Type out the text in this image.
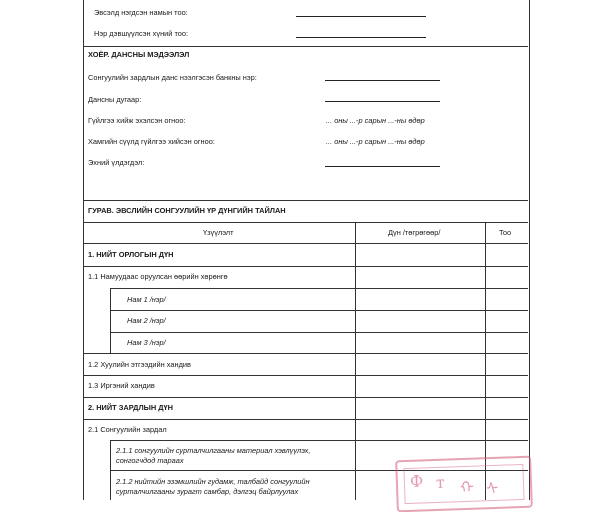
Эвсэлд нэгдсэн намын тоо:
Нэр дэвшүүлсэн хүний тоо:
ХОЁР. ДАНСНЫ МЭДЭЭЛЭЛ
Сонгуулийн зардлын данс нээлгэсэн банкны нэр:
Дансны дугаар:
Гүйлгээ хийж эхэлсэн огноо:	... оны ...-р сарын ...-ны өдөр
Хамгийн сүүлд гүйлгээ хийсэн огноо:	... оны ...-р сарын ...-ны өдөр
Эхний үлдэгдэл:
ГУРАВ. ЭВСЛИЙН СОНГУУЛИЙН ҮР ДҮНГИЙН ТАЙЛАН
Үзүүлэлт	Дүн /төгрөгөөр/	Тоо
1. НИЙТ ОРЛОГЫН ДҮН
1.1 Намуудаас оруулсан өөрийн хөрөнгө
Нам 1 /нэр/
Нам 2 /нэр/
Нам 3 /нэр/
1.2 Хуулийн этгээдийн хандив
1.3 Иргэний хандив
2. НИЙТ ЗАРДЛЫН ДҮН
2.1 Сонгуулийн зардал
2.1.1 сонгуулийн сурталчилгааны материал хэвлүүлэх,
сонгогчдод тараах
2.1.2 нийтийн эзэмшлийн гудамж, талбайд сонгуулийн
сурталчилгааны зурагт самбар, дэлгэц байрлуулах
Ф т ᠬ ᠰ
